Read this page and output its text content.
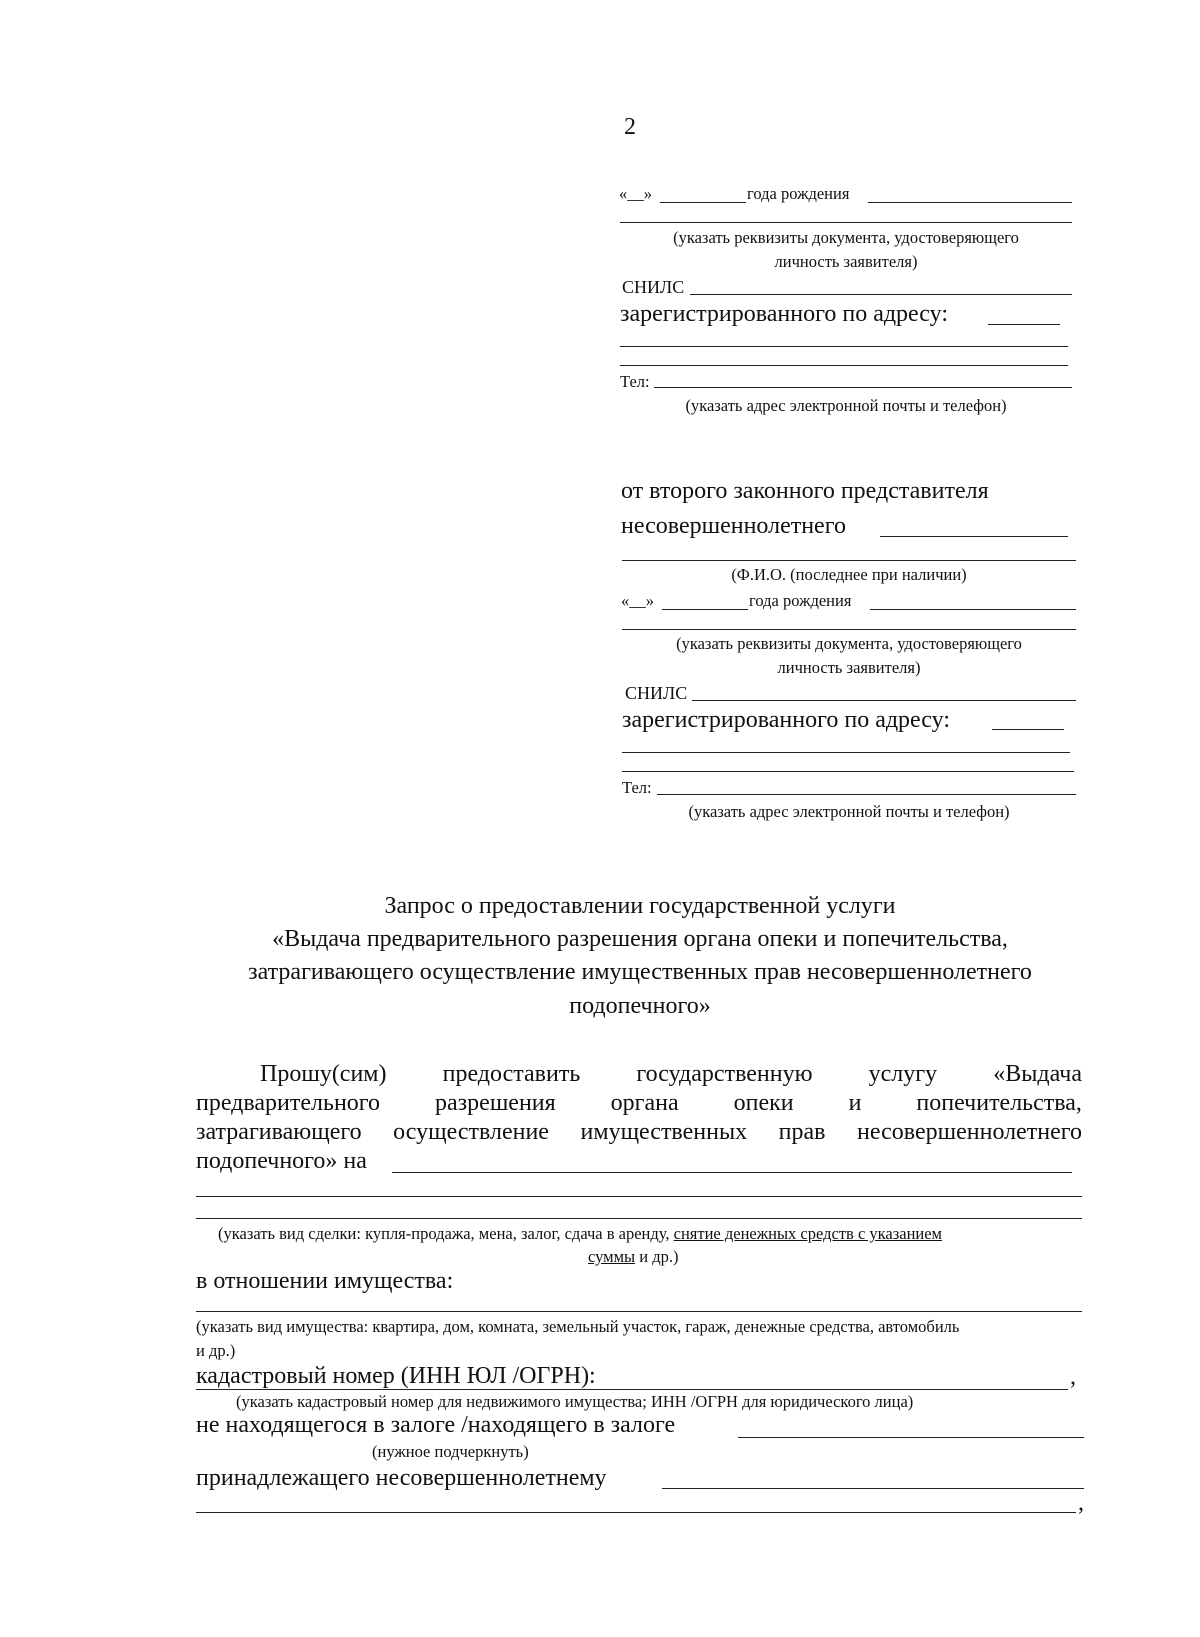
2
«__»	года рождения
(указать реквизиты документа, удостоверяющего
личность заявителя)
СНИЛС
зарегистрированного по адресу:
Тел:
(указать адрес электронной почты и телефон)
от второго законного представителя
несовершеннолетнего
(Ф.И.О. (последнее при наличии)
«__»	года рождения
(указать реквизиты документа, удостоверяющего
личность заявителя)
СНИЛС
зарегистрированного по адресу:
Тел:
(указать адрес электронной почты и телефон)
Запрос о предоставлении государственной услуги
«Выдача предварительного разрешения органа опеки и попечительства,
затрагивающего осуществление имущественных прав несовершеннолетнего
подопечного»
Прошу(сим) предоставить государственную услугу «Выдача
предварительного разрешения органа опеки и попечительства,
затрагивающего осуществление имущественных прав несовершеннолетнего
подопечного» на
(указать вид сделки: купля-продажа, мена, залог, сдача в аренду, снятие денежных средств с указанием
суммы и др.)
в отношении имущества:
(указать вид имущества: квартира, дом, комната, земельный участок, гараж, денежные средства, автомобиль
и др.)
кадастровый номер (ИНН ЮЛ /ОГРН):	,
(указать кадастровый номер для недвижимого имущества; ИНН /ОГРН для юридического лица)
не находящегося в залоге /находящего в залоге
(нужное подчеркнуть)
принадлежащего несовершеннолетнему
,
